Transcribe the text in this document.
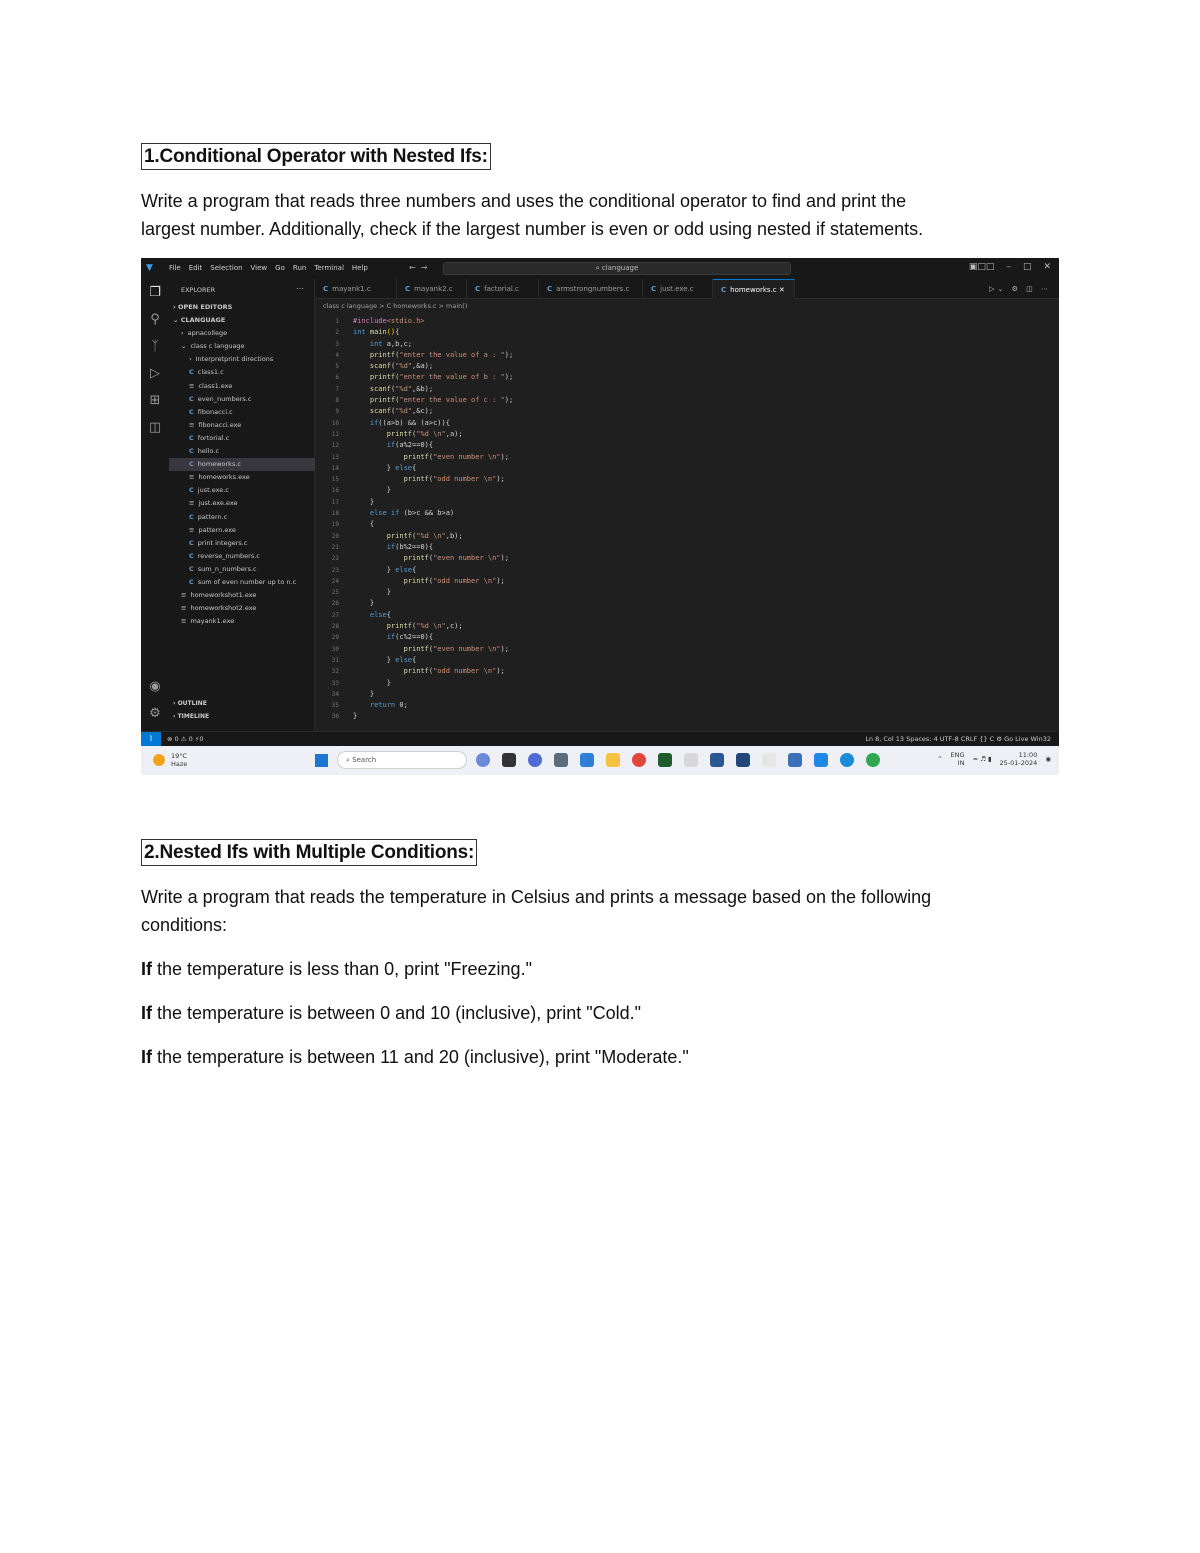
1.Conditional Operator with Nested Ifs:
Write a program that reads three numbers and uses the conditional operator to find and print the
largest number. Additionally, check if the largest number is even or odd using nested if statements.
▼	File Edit Selection View Go Run Terminal Help	←→	⌕ clanguage	▣□□ – □ ✕
❐
⚲
ᛉ
▷
⊞
◫
◉
⚙
EXPLORER	⋯
› OPEN EDITORS
⌄ CLANGUAGE
› apnacollege
⌄ class c language
› Interpretprint directions
C class1.c
≡ class1.exe
C even_numbers.c
C fibonacci.c
≡ fibonacci.exe
C fortorial.c
C hello.c
C homeworks.c
≡ homeworks.exe
C just.exe.c
≡ just.exe.exe
C pattern.c
≡ pattern.exe
C print integers.c
C reverse_numbers.c
C sum_n_numbers.c
C sum of even number up to n.c
≡ homeworkshot1.exe
≡ homeworkshot2.exe
≡ mayank1.exe
› OUTLINE
› TIMELINE
▷⌄ ⚙ ◫ ⋯
C mayank1.c	C mayank2.c	C factorial.c	C armstrongnumbers.c	C just.exe.c	C homeworks.c ✕
class c language > C homeworks.c > main()
1
2
3
4
5
6
7
8
9
10
11
12
13
14
15
16
17
18
19
20
21
22
23
24
25
26
27
28
29
30
31
32
33
34
35
36
#include<stdio.h>
int main(){
int a,b,c;
printf("enter the value of a : ");
scanf("%d",&a);
printf("enter the value of b : ");
scanf("%d",&b);
printf("enter the value of c : ");
scanf("%d",&c);
if((a>b) && (a>c)){
printf("%d \n",a);
if(a%2==0){
printf("even number \n");
} else{
printf("odd number \n");
}
}
else if (b>c && b>a)
{
printf("%d \n",b);
if(b%2==0){
printf("even number \n");
} else{
printf("odd number \n");
}
}
else{
printf("%d \n",c);
if(c%2==0){
printf("even number \n");
} else{
printf("odd number \n");
}
}
return 0;
}
⌇	⊗ 0 ⚠ 0 ⚡0	Ln 8, Col 13 Spaces: 4 UTF-8 CRLF {} C ⚙ Go Live Win32
19°C
Haze	⌕ Search	⌃ ENG
IN ≈ ♬ ▮	11:00
25-01-2024 ◉
2.Nested Ifs with Multiple Conditions:
Write a program that reads the temperature in Celsius and prints a message based on the following
conditions:
If the temperature is less than 0, print "Freezing."
If the temperature is between 0 and 10 (inclusive), print "Cold."
If the temperature is between 11 and 20 (inclusive), print "Moderate."
